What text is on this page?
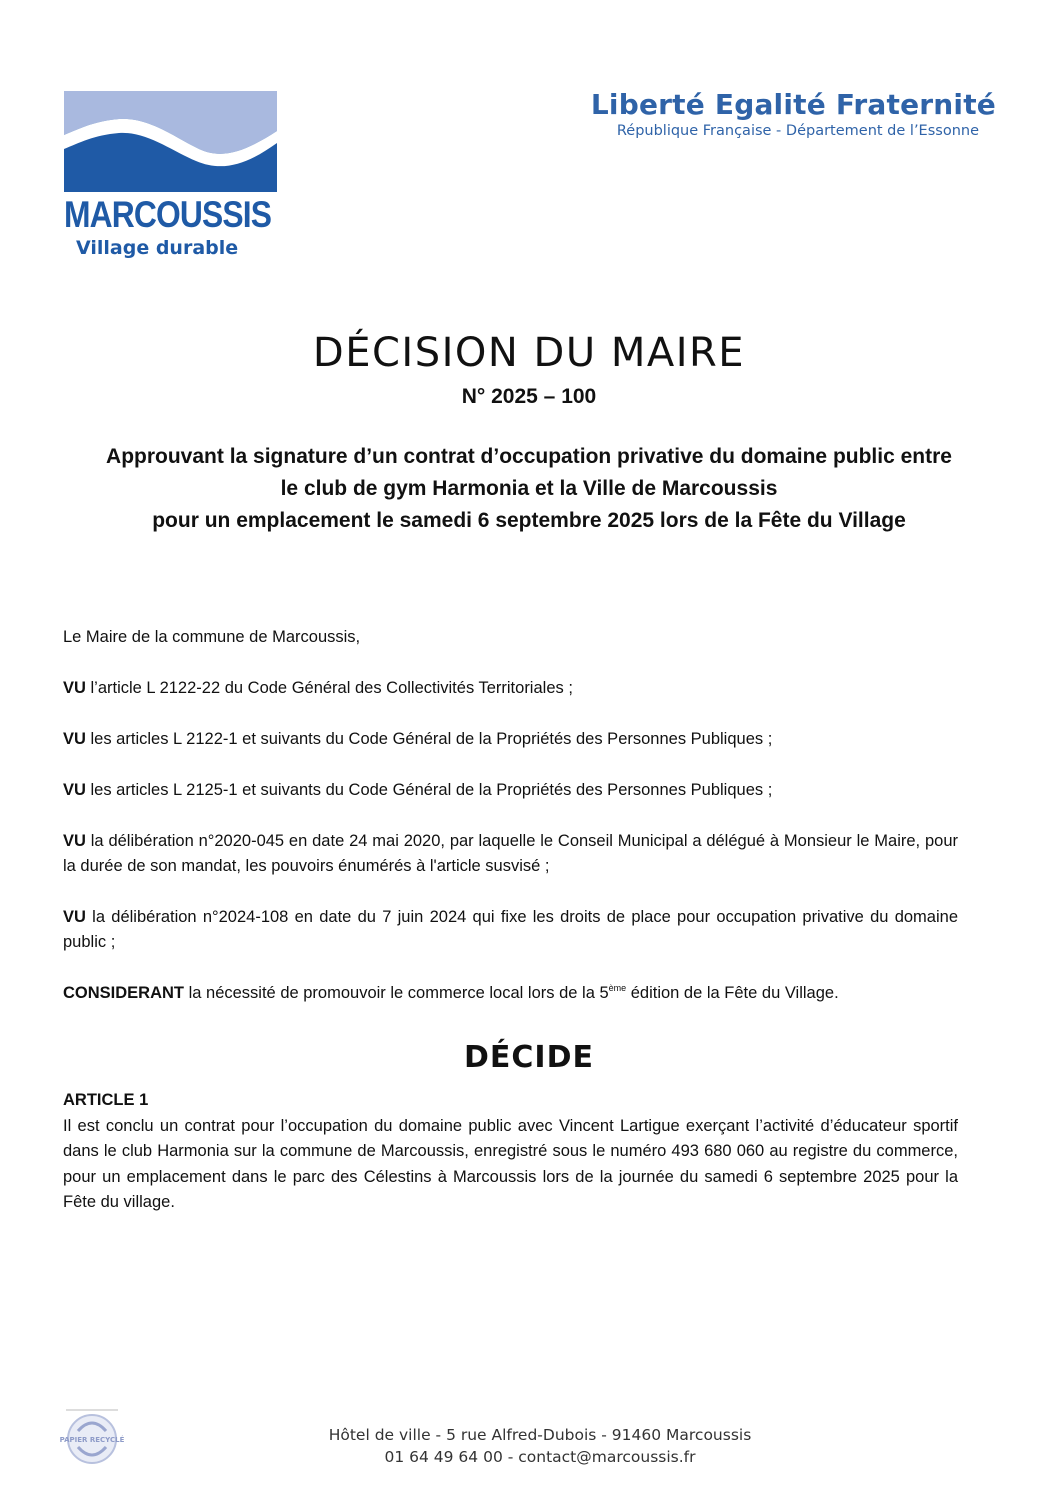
MARCOUSSIS
Village durable
Liberté Egalité Fraternité
République Française - Département de l’Essonne
DÉCISION DU MAIRE
N° 2025 – 100
Approuvant la signature d’un contrat d’occupation privative du domaine public entre
le club de gym Harmonia et la Ville de Marcoussis
pour un emplacement le samedi 6 septembre 2025 lors de la Fête du Village

Le Maire de la commune de Marcoussis,

VU l’article L 2122-22 du Code Général des Collectivités Territoriales ;

VU les articles L 2122-1 et suivants du Code Général de la Propriétés des Personnes Publiques ;

VU les articles L 2125-1 et suivants du Code Général de la Propriétés des Personnes Publiques ;

VU la délibération n°2020-045 en date 24 mai 2020, par laquelle le Conseil Municipal a délégué à Monsieur le Maire, pour la durée de son mandat, les pouvoirs énumérés à l'article susvisé ;

VU la délibération n°2024-108 en date du 7 juin 2024 qui fixe les droits de place pour occupation privative du domaine public ;

CONSIDERANT la nécessité de promouvoir le commerce local lors de la 5ème édition de la Fête du Village.

DÉCIDE
ARTICLE 1

Il est conclu un contrat pour l’occupation du domaine public avec Vincent Lartigue exerçant l’activité d’éducateur sportif dans le club Harmonia sur la commune de Marcoussis, enregistré sous le numéro 493 680 060 au registre du commerce, pour un emplacement dans le parc des Célestins à Marcoussis lors de la journée du samedi 6 septembre 2025 pour la Fête du village.

PAPIER RECYCLÉ	Hôtel de ville - 5 rue Alfred-Dubois - 91460 Marcoussis
01 64 49 64 00 - contact@marcoussis.fr
